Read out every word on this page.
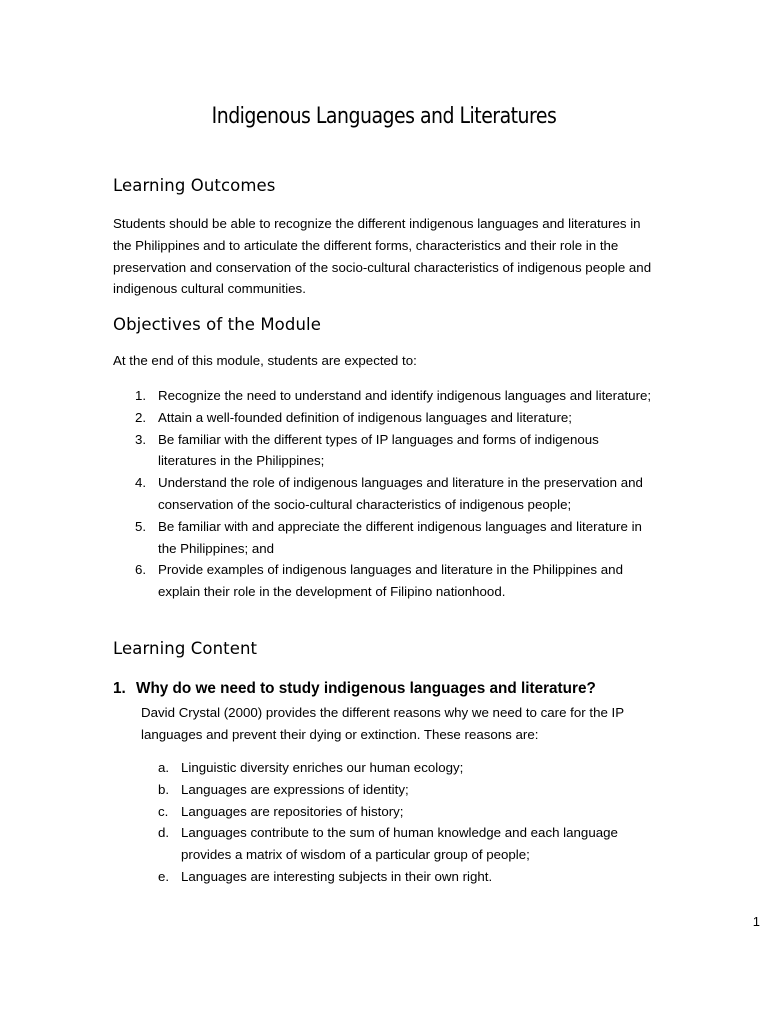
Indigenous Languages and Literatures
Learning Outcomes

Students should be able to recognize the different indigenous languages and literatures in the Philippines and to articulate the different forms, characteristics and their role in the preservation and conservation of the socio-cultural characteristics of indigenous people and indigenous cultural communities.

Objectives of the Module
At the end of this module, students are expected to:
1. Recognize the need to understand and identify indigenous languages and literature;
2. Attain a well-founded definition of indigenous languages and literature;
3. Be familiar with the different types of IP languages and forms of indigenous literatures in the Philippines;
4. Understand the role of indigenous languages and literature in the preservation and conservation of the socio-cultural characteristics of indigenous people;
5. Be familiar with and appreciate the different indigenous languages and literature in the Philippines; and
6. Provide examples of indigenous languages and literature in the Philippines and explain their role in the development of Filipino nationhood.
Learning Content
1. Why do we need to study indigenous languages and literature?
David Crystal (2000) provides the different reasons why we need to care for the IP languages and prevent their dying or extinction. These reasons are:
a. Linguistic diversity enriches our human ecology;
b. Languages are expressions of identity;
c. Languages are repositories of history;
d. Languages contribute to the sum of human knowledge and each language provides a matrix of wisdom of a particular group of people;
e. Languages are interesting subjects in their own right.
1
